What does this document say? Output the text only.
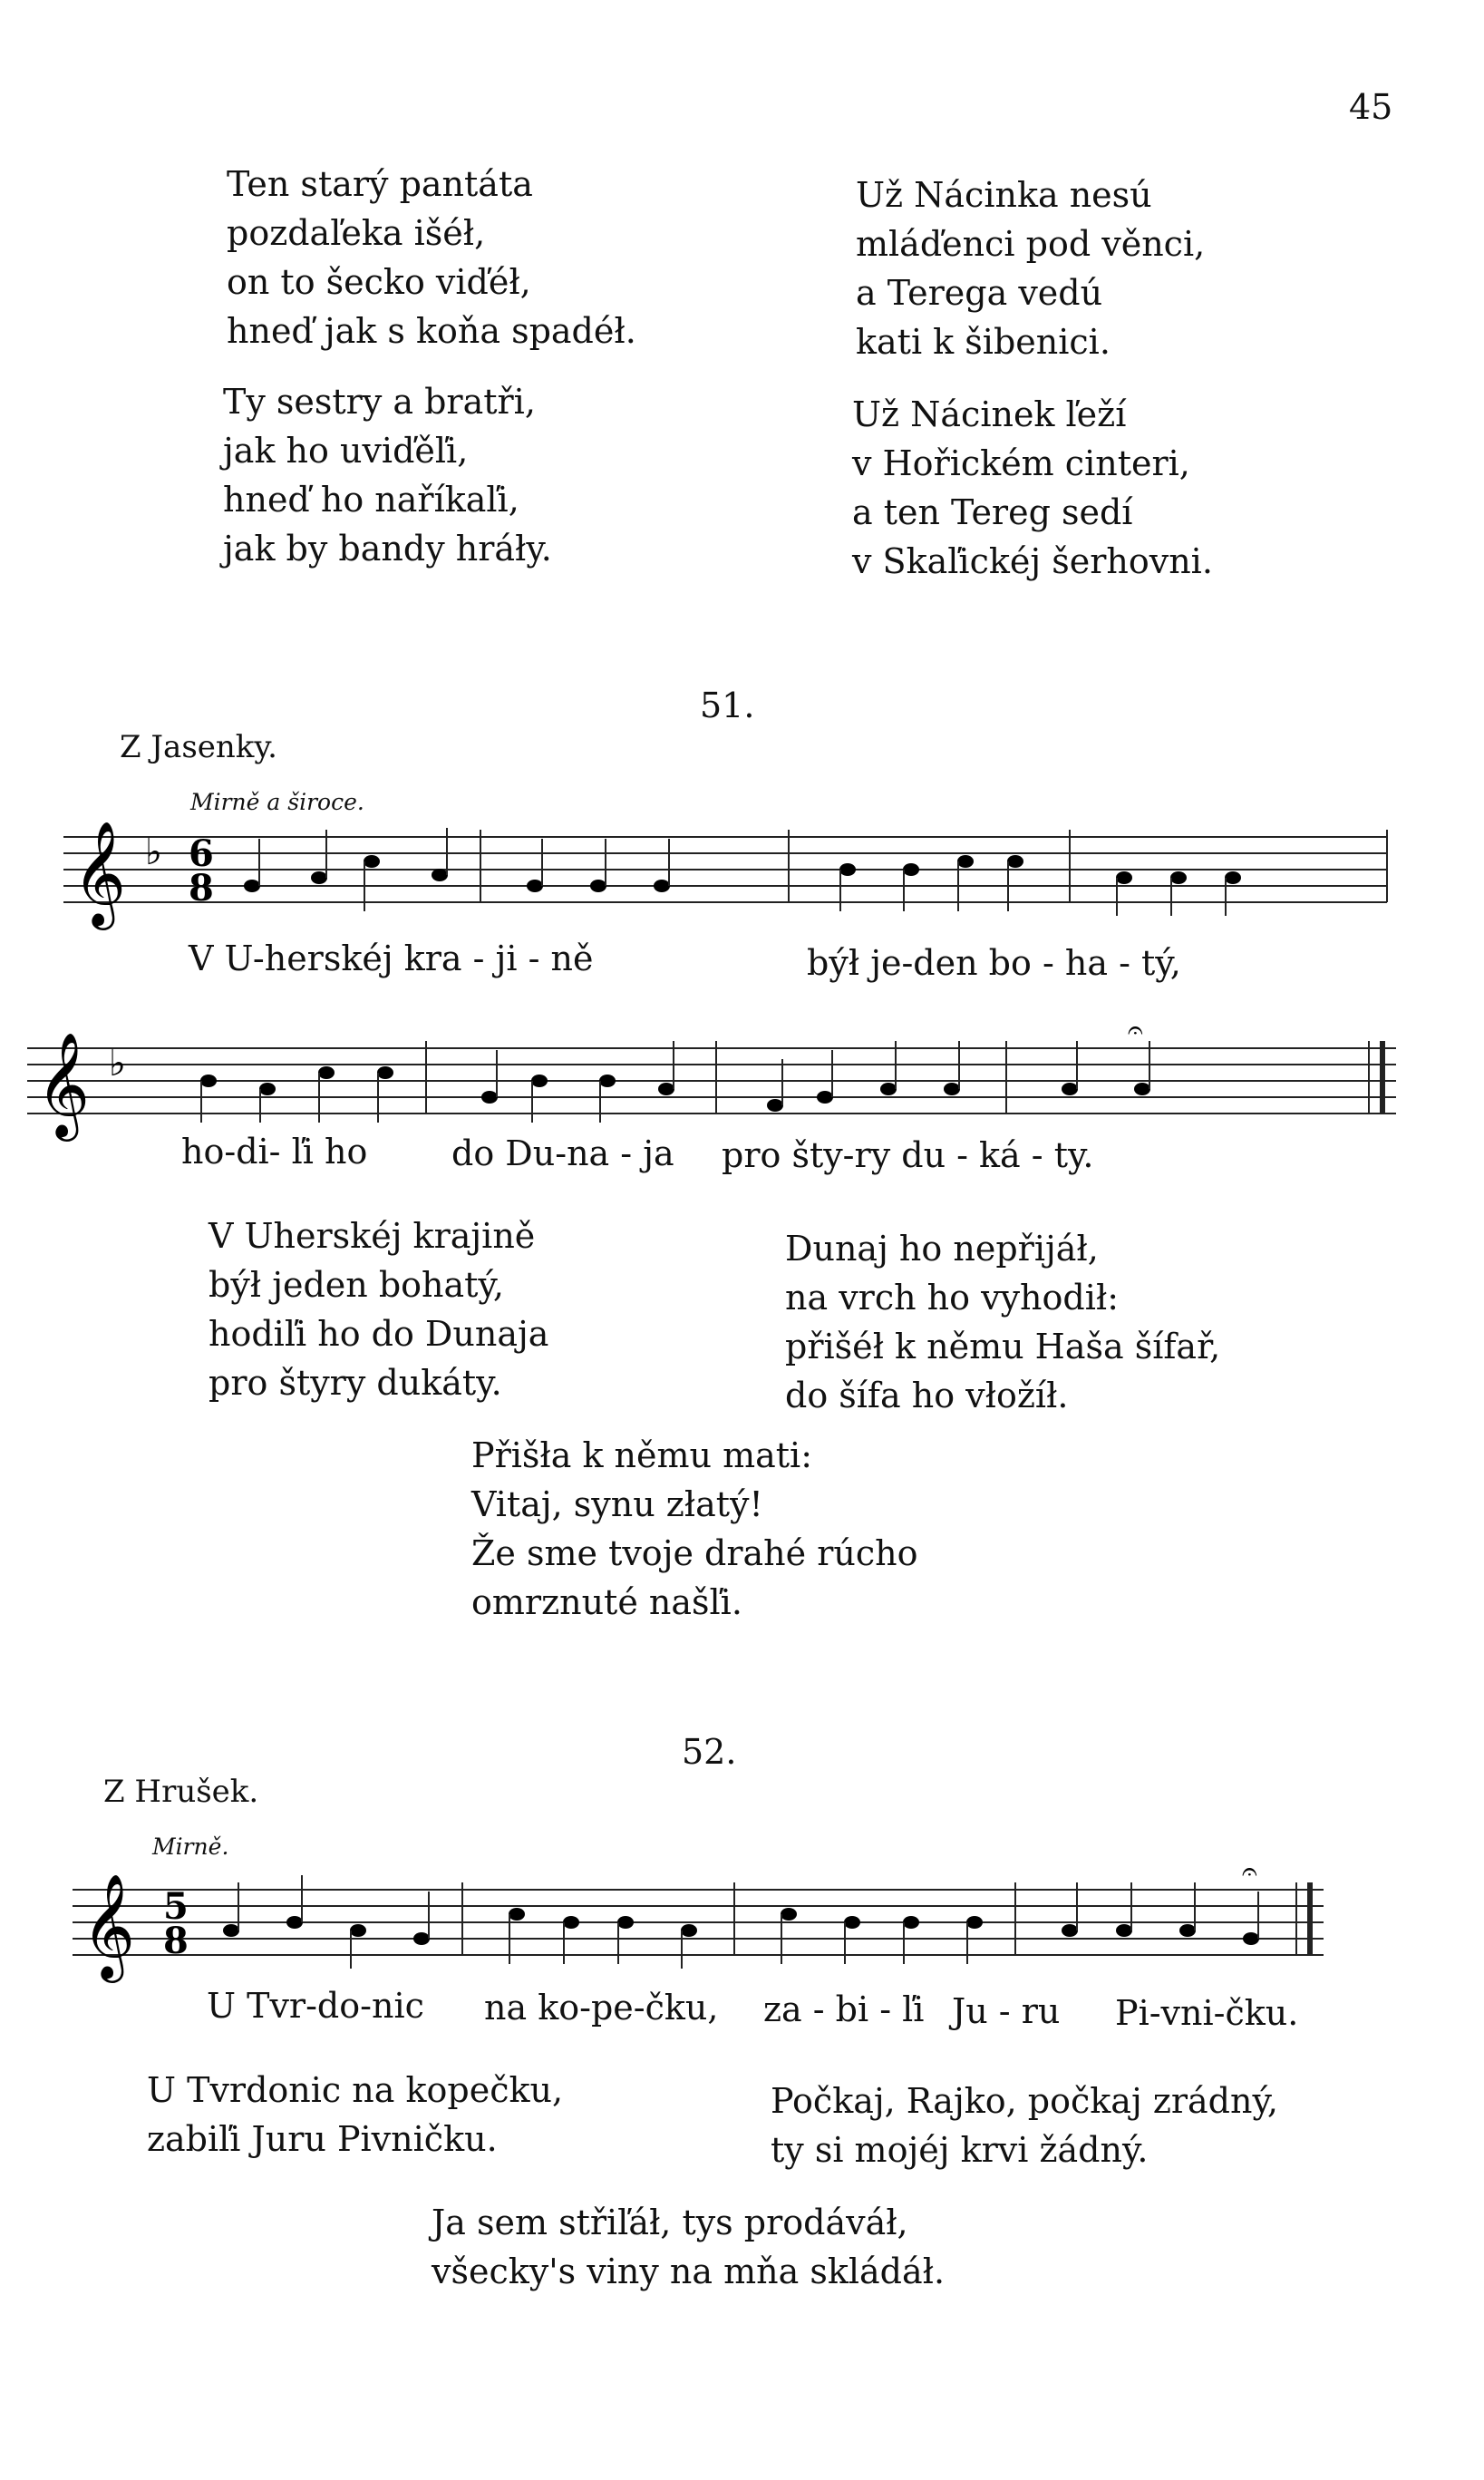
45
Ten starý pantáta
pozdaľeka išéł,
on to šecko viďéł,
hneď jak s koňa spadéł.
Ty sestry a bratři,
jak ho uviďěľi,
hneď ho naříkaľi,
jak by bandy hráły.
Už Nácinka nesú
mláďenci pod věnci,
a Terega vedú
kati k šibenici.
Už Nácinek ľeží
v Hořickém cinteri,
a ten Tereg sedí
v Skaľickéj šerhovni.
51.
Z Jasenky.
Mirně a široce.
𝄞 ♭ 6
8
V U-herskéj kra - ji - ně	býł je-den bo - ha - tý,
𝄞 ♭
𝄐
ho-di- ľi ho do Du-na - ja pro šty-ry du - ká - ty.
V Uherskéj krajině
býł jeden bohatý,
hodiľi ho do Dunaja
pro štyry dukáty.
Dunaj ho nepřijáł,
na vrch ho vyhodił:
přišéł k němu Haša šífař,
do šífa ho vłožíł.
Přišła k němu mati:
Vitaj, synu złatý!
Že sme tvoje drahé rúcho
omrznuté našľi.
52.
Z Hrušek.
Mirně.
𝄞 5
8
𝄐
U Tvr-do-nic na ko-pe-čku, za - bi - ľi Ju - ru Pi-vni-čku.
U Tvrdonic na kopečku,
zabiľi Juru Pivničku.
Počkaj, Rajko, počkaj zrádný,
ty si mojéj krvi žádný.
Ja sem střiľáł, tys prodáváł,
všecky's viny na mňa skládáł.
